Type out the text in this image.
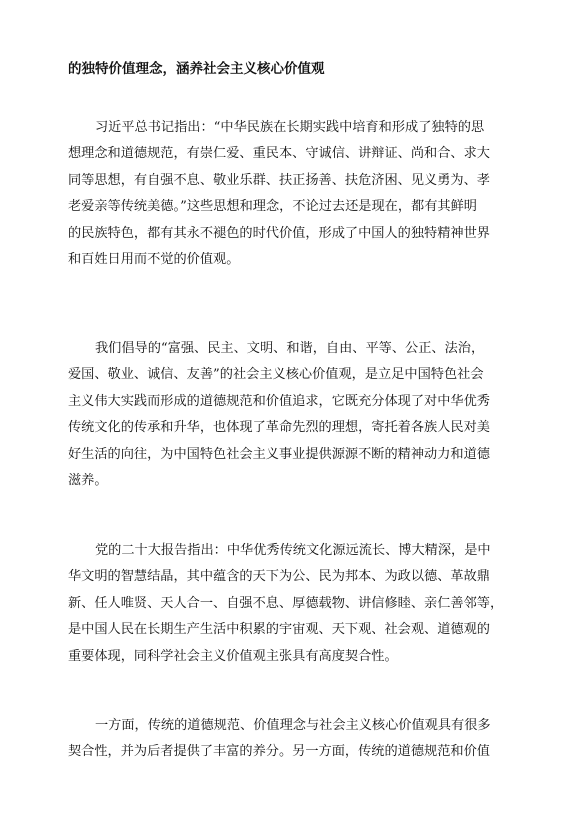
的独特价值理念，涵养社会主义核心价值观
习近平总书记指出：“中华民族在长期实践中培育和形成了独特的思
想理念和道德规范，有崇仁爱、重民本、守诚信、讲辩证、尚和合、求大
同等思想，有自强不息、敬业乐群、扶正扬善、扶危济困、见义勇为、孝
老爱亲等传统美德。”这些思想和理念，不论过去还是现在，都有其鲜明
的民族特色，都有其永不褪色的时代价值，形成了中国人的独特精神世界
和百姓日用而不觉的价值观。
我们倡导的“富强、民主、文明、和谐，自由、平等、公正、法治，
爱国、敬业、诚信、友善”的社会主义核心价值观，是立足中国特色社会
主义伟大实践而形成的道德规范和价值追求，它既充分体现了对中华优秀
传统文化的传承和升华，也体现了革命先烈的理想，寄托着各族人民对美
好生活的向往，为中国特色社会主义事业提供源源不断的精神动力和道德
滋养。
党的二十大报告指出：中华优秀传统文化源远流长、博大精深，是中
华文明的智慧结晶，其中蕴含的天下为公、民为邦本、为政以德、革故鼎
新、任人唯贤、天人合一、自强不息、厚德载物、讲信修睦、亲仁善邻等，
是中国人民在长期生产生活中积累的宇宙观、天下观、社会观、道德观的
重要体现，同科学社会主义价值观主张具有高度契合性。
一方面，传统的道德规范、价值理念与社会主义核心价值观具有很多
契合性，并为后者提供了丰富的养分。另一方面，传统的道德规范和价值
